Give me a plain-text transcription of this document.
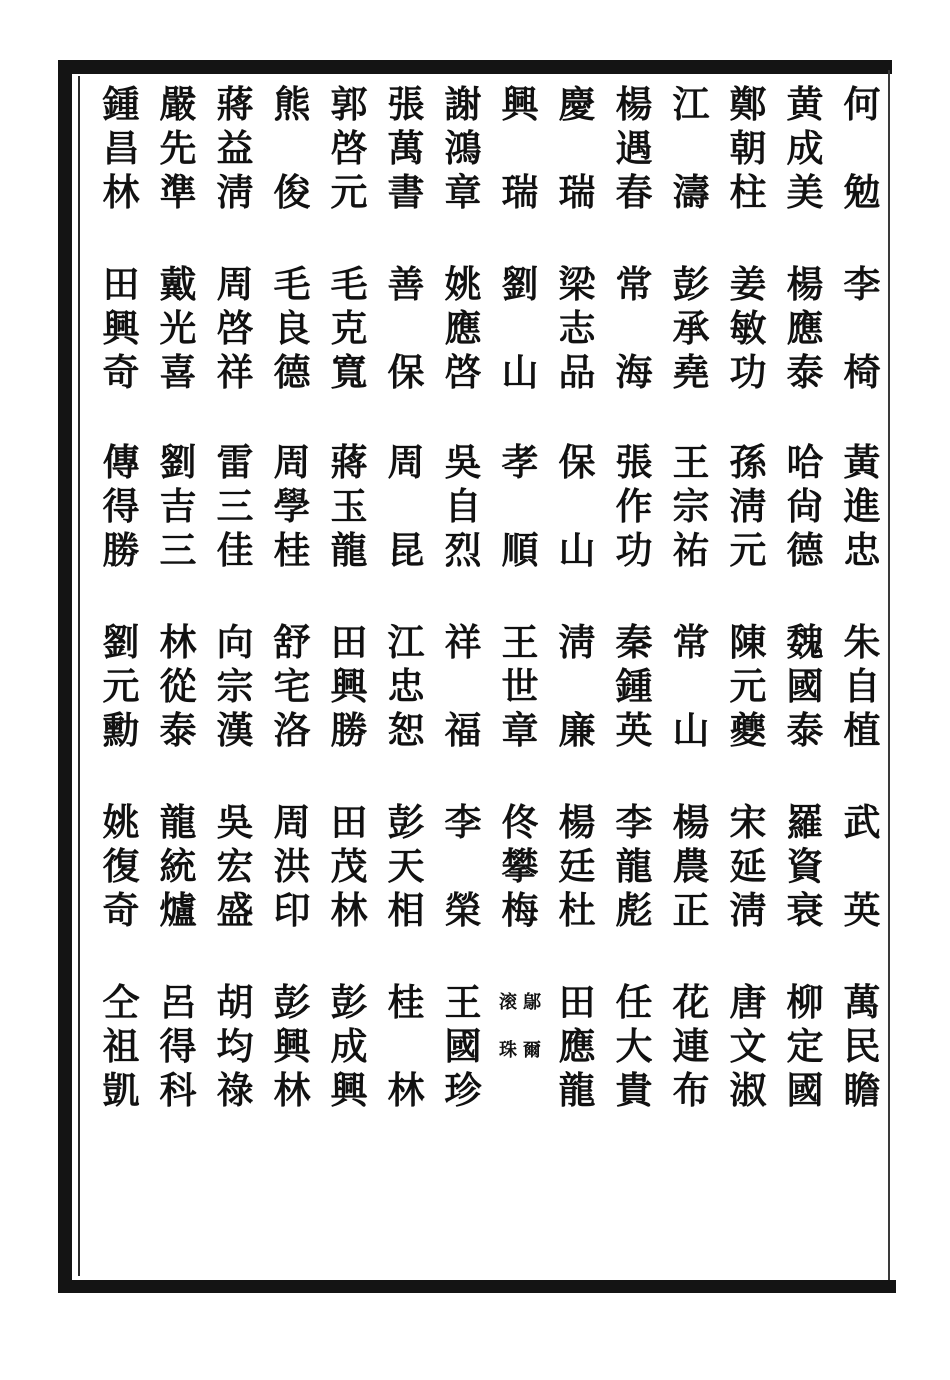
何
勉
李
椅
黃
進
忠
朱
自
植
武
英
萬
民
瞻
黄
成
美
楊
應
泰
哈
尙
德
魏
國
泰
羅
資
衰
柳
定
國
鄭
朝
柱
姜
敏
功
孫
淸
元
陳
元
夔
宋
延
淸
唐
文
淑
江
濤
彭
承
堯
王
宗
祐
常
山
楊
農
正
花
連
布
楊
遇
春
常
海
張
作
功
秦
鍾
英
李
龍
彪
任
大
貴
慶
瑞
梁
志
品
保
山
淸
廉
楊
廷
杜
田
應
龍
興
瑞
劉
山
孝
順
王
世
章
佟
攀
梅
鄔
爾
滚
珠
謝
鴻
章
姚
應
啓
吳
自
烈
祥
福
李
榮
王
國
珍
張
萬
書
善
保
周
昆
江
忠
恕
彭
天
相
桂
林
郭
啓
元
毛
克
寬
蔣
玉
龍
田
興
勝
田
茂
林
彭
成
興
熊
俊
毛
良
德
周
學
桂
舒
宅
洛
周
洪
印
彭
興
林
蔣
益
淸
周
啓
祥
雷
三
佳
向
宗
漢
吳
宏
盛
胡
均
祿
嚴
先
準
戴
光
喜
劉
吉
三
林
從
泰
龍
統
爐
呂
得
科
鍾
昌
林
田
興
奇
傳
得
勝
劉
元
勳
姚
復
奇
仝
祖
凱
